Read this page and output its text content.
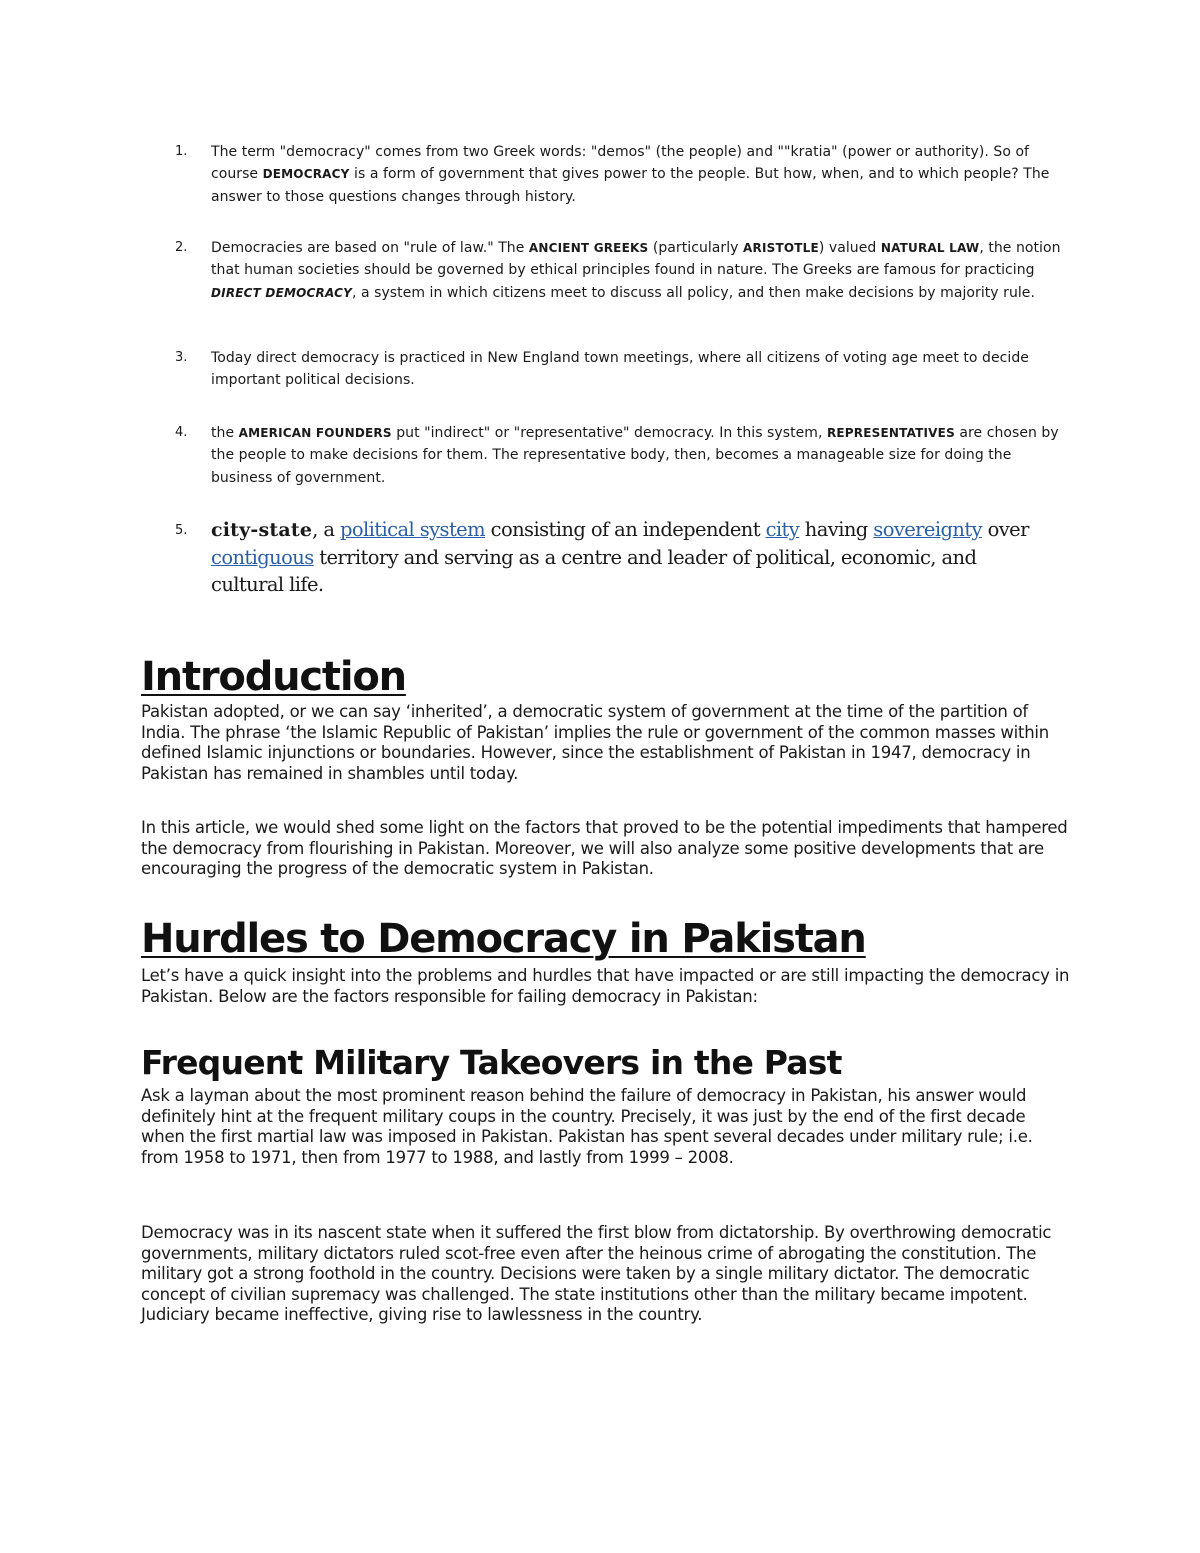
1.	The term "democracy" comes from two Greek words: "demos" (the people) and ""kratia" (power or authority). So of course DEMOCRACY is a form of government that gives power to the people. But how, when, and to which people? The answer to those questions changes through history.
2.	Democracies are based on "rule of law." The ANCIENT GREEKS (particularly ARISTOTLE) valued NATURAL LAW, the notion that human societies should be governed by ethical principles found in nature. The Greeks are famous for practicing DIRECT DEMOCRACY, a system in which citizens meet to discuss all policy, and then make decisions by majority rule.
3.	Today direct democracy is practiced in New England town meetings, where all citizens of voting age meet to decide important political decisions.
4.	the AMERICAN FOUNDERS put "indirect" or "representative" democracy. In this system, REPRESENTATIVES are chosen by the people to make decisions for them. The representative body, then, becomes a manageable size for doing the business of government.
5.	city-state, a political system consisting of an independent city having sovereignty over contiguous territory and serving as a centre and leader of political, economic, and cultural life.
Introduction

Pakistan adopted, or we can say ‘inherited’, a democratic system of government at the time of the partition of India. The phrase ‘the Islamic Republic of Pakistan’ implies the rule or government of the common masses within defined Islamic injunctions or boundaries. However, since the establishment of Pakistan in 1947, democracy in Pakistan has remained in shambles until today.

In this article, we would shed some light on the factors that proved to be the potential impediments that hampered the democracy from flourishing in Pakistan. Moreover, we will also analyze some positive developments that are encouraging the progress of the democratic system in Pakistan.

Hurdles to Democracy in Pakistan

Let’s have a quick insight into the problems and hurdles that have impacted or are still impacting the democracy in Pakistan. Below are the factors responsible for failing democracy in Pakistan:

Frequent Military Takeovers in the Past

Ask a layman about the most prominent reason behind the failure of democracy in Pakistan, his answer would definitely hint at the frequent military coups in the country. Precisely, it was just by the end of the first decade when the first martial law was imposed in Pakistan. Pakistan has spent several decades under military rule; i.e. from 1958 to 1971, then from 1977 to 1988, and lastly from 1999 – 2008.

Democracy was in its nascent state when it suffered the first blow from dictatorship. By overthrowing democratic governments, military dictators ruled scot-free even after the heinous crime of abrogating the constitution. The military got a strong foothold in the country. Decisions were taken by a single military dictator. The democratic concept of civilian supremacy was challenged. The state institutions other than the military became impotent. Judiciary became ineffective, giving rise to lawlessness in the country.
